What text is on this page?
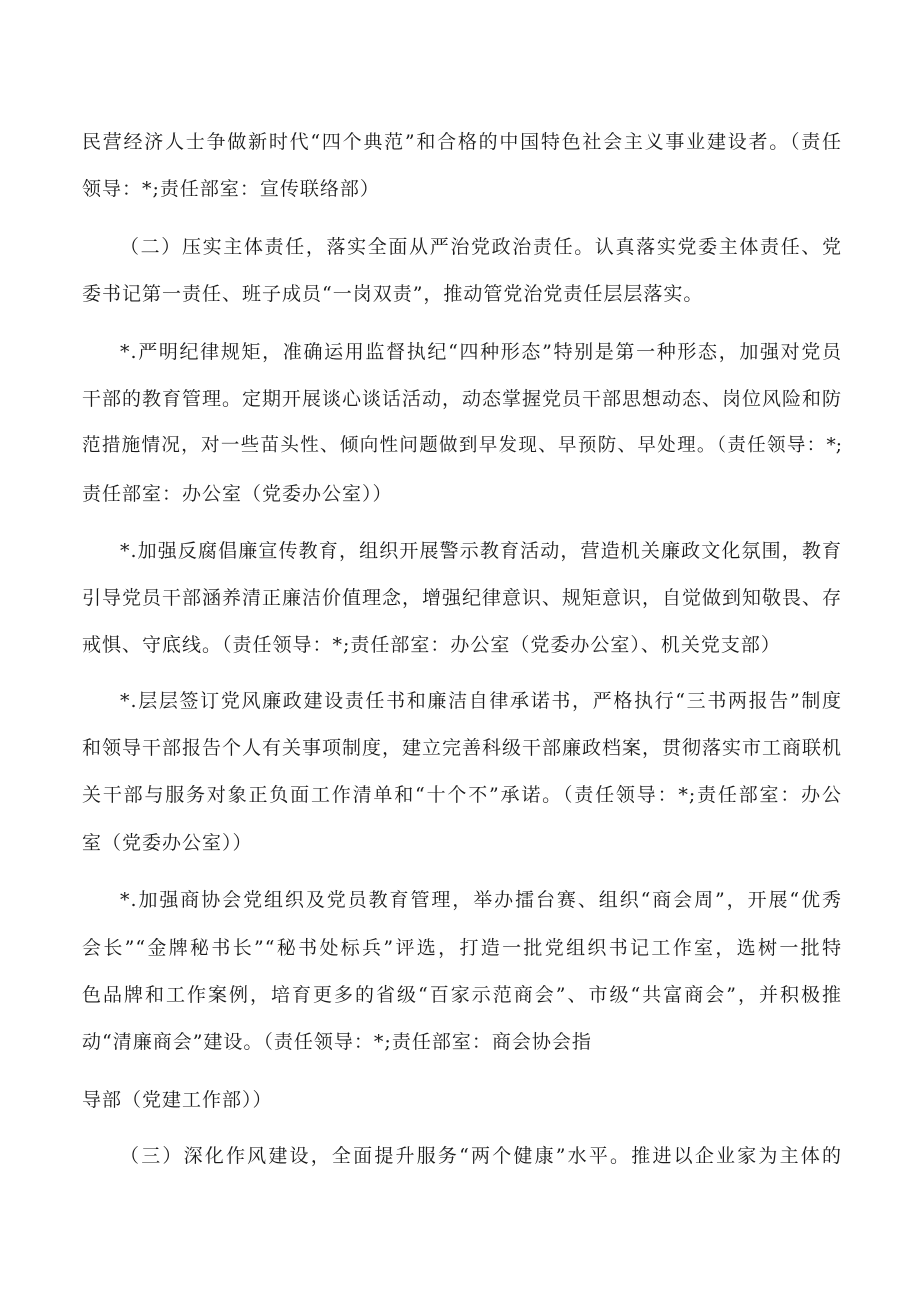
民营经济人士争做新时代“四个典范”和合格的中国特色社会主义事业建设者。（责任
领导：*;责任部室：宣传联络部）
（二）压实主体责任，落实全面从严治党政治责任。认真落实党委主体责任、党
委书记第一责任、班子成员“一岗双责”，推动管党治党责任层层落实。
*.严明纪律规矩，准确运用监督执纪“四种形态”特别是第一种形态，加强对党员
干部的教育管理。定期开展谈心谈话活动，动态掌握党员干部思想动态、岗位风险和防
范措施情况，对一些苗头性、倾向性问题做到早发现、早预防、早处理。（责任领导：*;
责任部室：办公室（党委办公室））
*.加强反腐倡廉宣传教育，组织开展警示教育活动，营造机关廉政文化氛围，教育
引导党员干部涵养清正廉洁价值理念，增强纪律意识、规矩意识，自觉做到知敬畏、存
戒惧、守底线。（责任领导：*;责任部室：办公室（党委办公室）、机关党支部）
*.层层签订党风廉政建设责任书和廉洁自律承诺书，严格执行“三书两报告”制度
和领导干部报告个人有关事项制度，建立完善科级干部廉政档案，贯彻落实市工商联机
关干部与服务对象正负面工作清单和“十个不”承诺。（责任领导：*;责任部室：办公
室（党委办公室））
*.加强商协会党组织及党员教育管理，举办擂台赛、组织“商会周”，开展“优秀
会长”“金牌秘书长”“秘书处标兵”评选，打造一批党组织书记工作室，选树一批特
色品牌和工作案例，培育更多的省级“百家示范商会”、市级“共富商会”，并积极推
动“清廉商会”建设。（责任领导：*;责任部室：商会协会指
导部（党建工作部））
（三）深化作风建设，全面提升服务“两个健康”水平。推进以企业家为主体的
